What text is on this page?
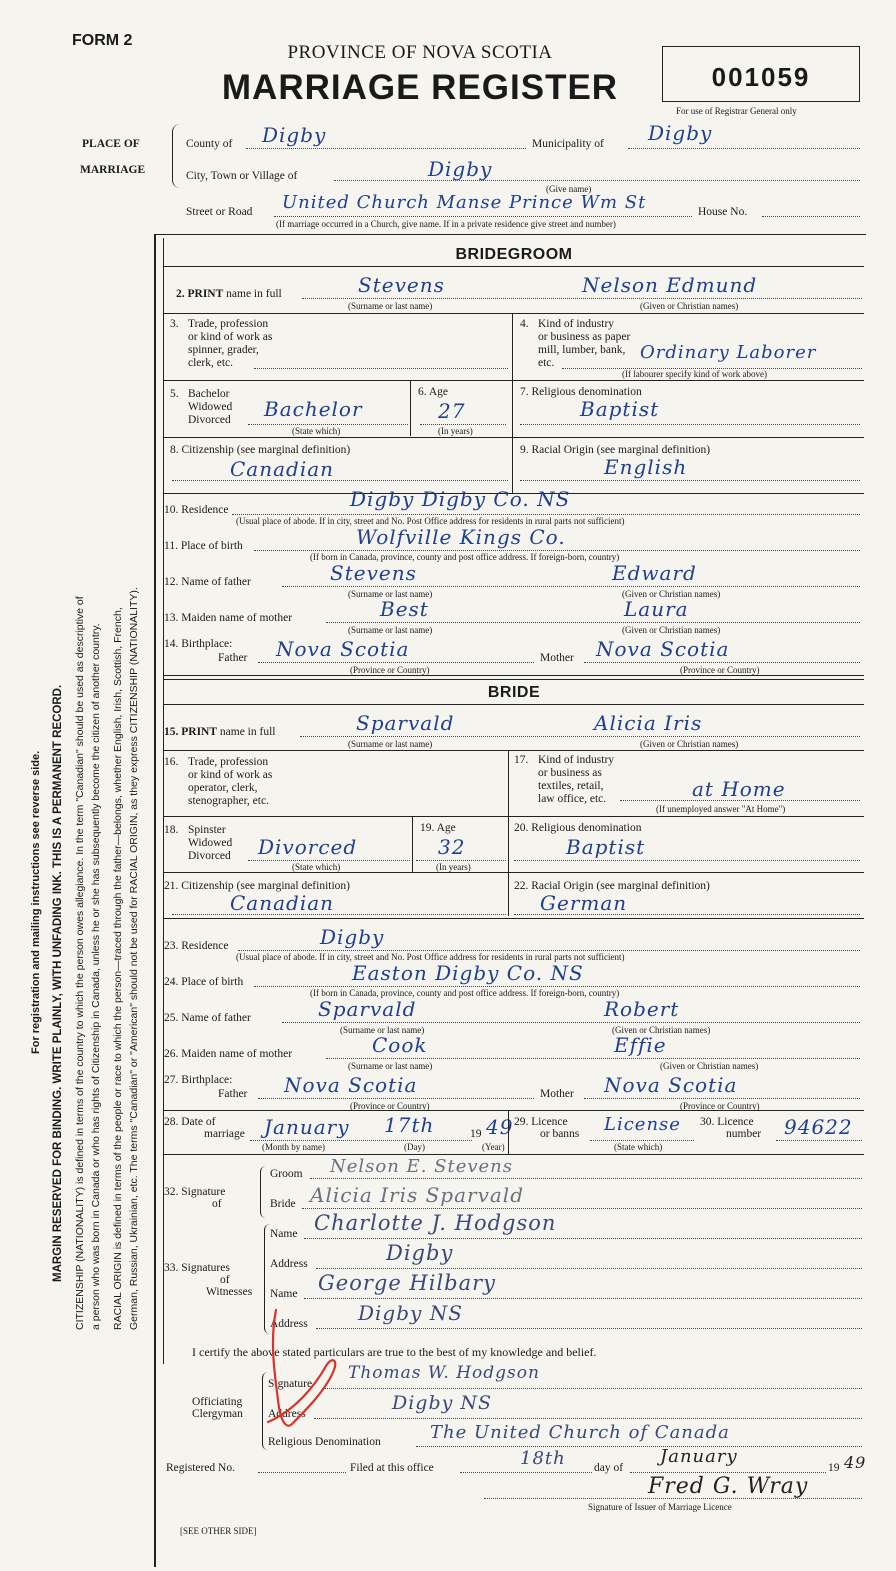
FORM 2
PROVINCE OF NOVA SCOTIA
MARRIAGE REGISTER	001059
For use of Registrar General only
PLACE OF
MARRIAGE
County of Digby	Municipality of Digby
City, Town or Village of	Digby
(Give name)
Street or Road United Church Manse Prince Wm St	House No.
(If marriage occurred in a Church, give name. If in a private residence give street and number)
For registration and mailing instructions see reverse side. MARGIN RESERVED FOR BINDING. WRITE PLAINLY, WITH UNFADING INK. THIS IS A PERMANENT RECORD. CITIZENSHIP (NATIONALITY) is defined in terms of the country to which the person owes allegiance. In the term "Canadian" should be used as descriptive of a person who was born in Canada or who has rights of Citizenship in Canada, unless he or she has subsequently become the citizen of another country. RACIAL ORIGIN is defined in terms of the people or race to which the person—traced through the father—belongs, whether English, Irish, Scottish, French, German, Russian, Ukrainian, etc. The terms "Canadian" or "American" should not be used for RACIAL ORIGIN, as they express CITIZENSHIP (NATIONALITY).
BRIDEGROOM
2. PRINT name in full	Stevens	Nelson Edmund
(Surname or last name)	(Given or Christian names)
3. Trade, profession
or kind of work as
spinner, grader,
clerk, etc.
4. Kind of industry
or business as paper
mill, lumber, bank,
etc.	Ordinary Laborer
(If labourer specify kind of work above)
5. Bachelor
Widowed
Divorced Bachelor
(State which)
6. Age
27
(In years)
7. Religious denomination
Baptist
8. Citizenship (see marginal definition)
Canadian
9. Racial Origin (see marginal definition)
English
10. Residence	Digby Digby Co. NS
(Usual place of abode. If in city, street and No. Post Office address for residents in rural parts not sufficient)
11. Place of birth	Wolfville Kings Co.
(If born in Canada, province, county and post office address. If foreign-born, country)
12. Name of father	Stevens	Edward
(Surname or last name)	(Given or Christian names)
13. Maiden name of mother	Best	Laura
(Surname or last name)	(Given or Christian names)
14. Birthplace:
Father Nova Scotia	Mother Nova Scotia
(Province or Country)	(Province or Country)
BRIDE
15. PRINT name in full	Sparvald	Alicia Iris
(Surname or last name)	(Given or Christian names)
16. Trade, profession
or kind of work as
operator, clerk,
stenographer, etc.
17. Kind of industry
or business as
textiles, retail,
law office, etc.	at Home
(If unemployed answer "At Home")
18. Spinster
Widowed
Divorced Divorced
(State which)
19. Age
32
(In years)
20. Religious denomination
Baptist
21. Citizenship (see marginal definition)
Canadian
22. Racial Origin (see marginal definition)
German
23. Residence	Digby
(Usual place of abode. If in city, street and No. Post Office address for residents in rural parts not sufficient)
24. Place of birth	Easton Digby Co. NS
(If born in Canada, province, county and post office address. If foreign-born, country)
25. Name of father	Sparvald	Robert
(Surname or last name)	(Given or Christian names)
26. Maiden name of mother	Cook	Effie
(Surname or last name)	(Given or Christian names)
27. Birthplace:
Father Nova Scotia	Mother Nova Scotia
(Province or Country)	(Province or Country)
28. Date of
marriage January 17th	19 49
(Month by name)	(Day)	(Year)
29. Licence
or banns License
(State which)
30. Licence
number 94622
32. Signature
of
Groom Nelson E. Stevens
Bride Alicia Iris Sparvald
33. Signatures
of
Witnesses
Name Charlotte J. Hodgson
Address	Digby
Name George Hilbary
Address	Digby NS
I certify the above stated particulars are true to the best of my knowledge and belief.
Officiating
Clergyman
Signature
Thomas W. Hodgson
Address	Digby NS
Religious Denomination	The United Church of Canada
Registered No.	Filed at this office	18th day of
January
19 49
Fred G. Wray
Signature of Issuer of Marriage Licence
[SEE OTHER SIDE]
